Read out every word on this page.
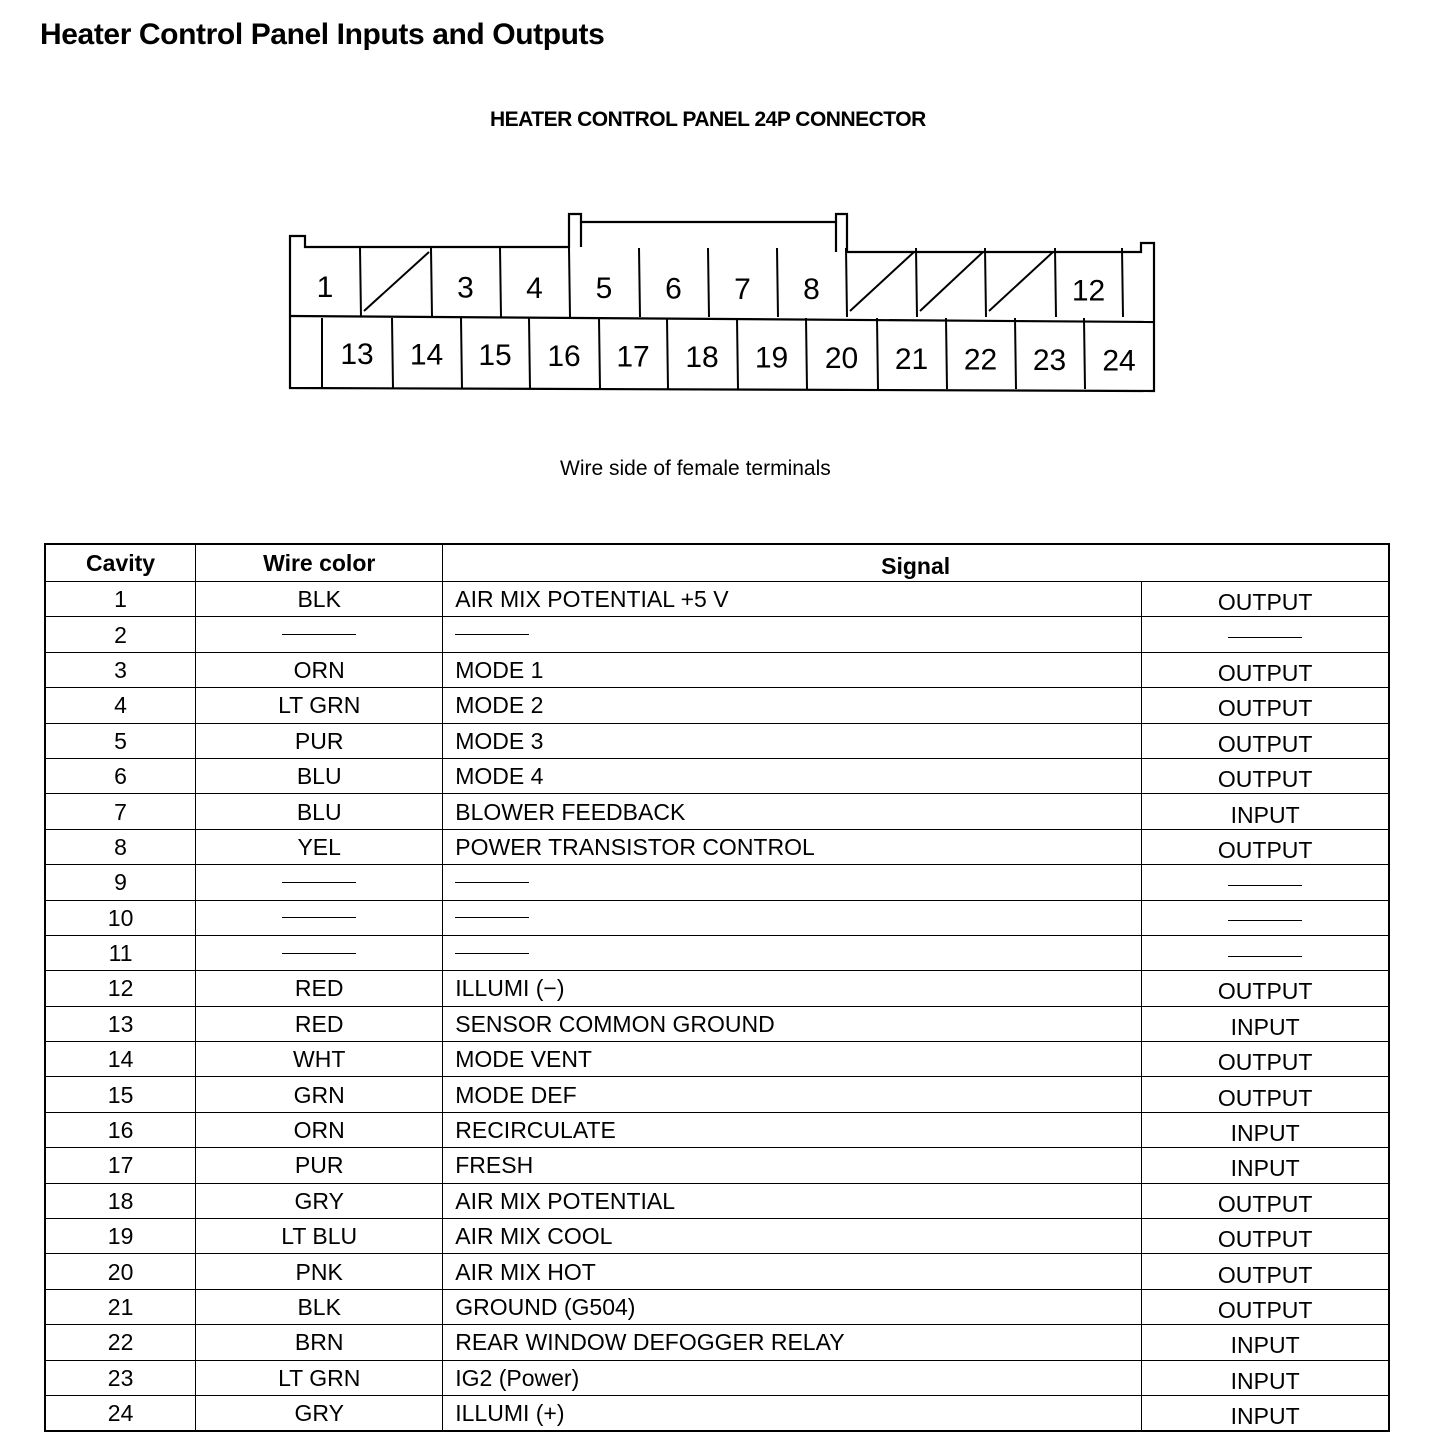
Heater Control Panel Inputs and Outputs
HEATER CONTROL PANEL 24P CONNECTOR
1	3 4 5 6 7 8	12
13 14 15 16 17 18 19 20 21 22 23 24
Wire side of female terminals
Cavity	Wire color	Signal	
1	BLK	AIR MIX POTENTIAL +5 V	OUTPUT
2			
3	ORN	MODE 1	OUTPUT
4	LT GRN	MODE 2	OUTPUT
5	PUR	MODE 3	OUTPUT
6	BLU	MODE 4	OUTPUT
7	BLU	BLOWER FEEDBACK	INPUT
8	YEL	POWER TRANSISTOR CONTROL	OUTPUT
9			
10			
11			
12	RED	ILLUMI (−)	OUTPUT
13	RED	SENSOR COMMON GROUND	INPUT
14	WHT	MODE VENT	OUTPUT
15	GRN	MODE DEF	OUTPUT
16	ORN	RECIRCULATE	INPUT
17	PUR	FRESH	INPUT
18	GRY	AIR MIX POTENTIAL	OUTPUT
19	LT BLU	AIR MIX COOL	OUTPUT
20	PNK	AIR MIX HOT	OUTPUT
21	BLK	GROUND (G504)	OUTPUT
22	BRN	REAR WINDOW DEFOGGER RELAY	INPUT
23	LT GRN	IG2 (Power)	INPUT
24	GRY	ILLUMI (+)	INPUT
